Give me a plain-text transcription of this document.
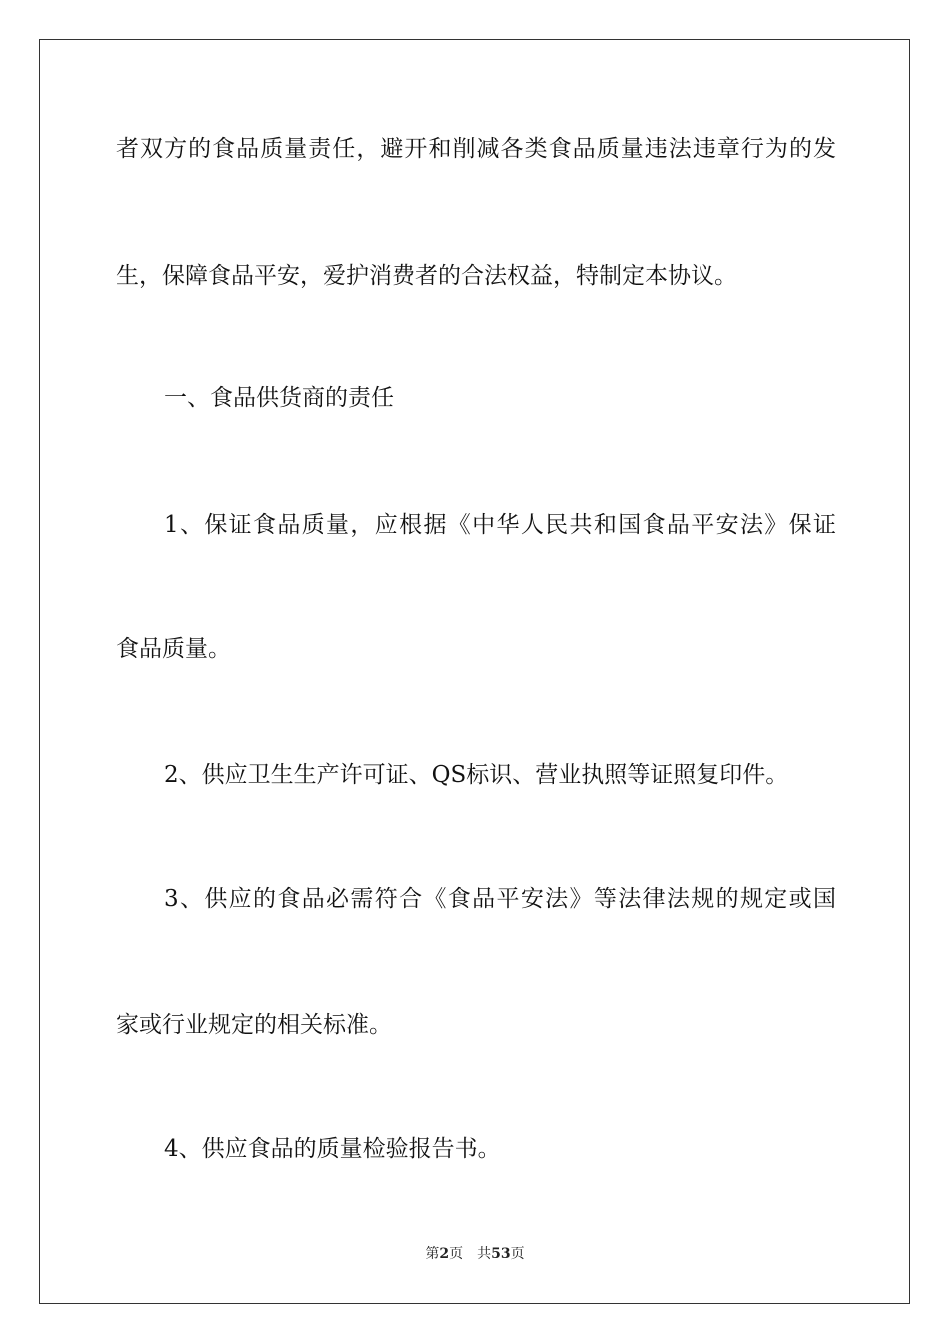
者双方的食品质量责任，避开和削减各类食品质量违法违章行为的发
生，保障食品平安，爱护消费者的合法权益，特制定本协议。
一、食品供货商的责任
1、保证食品质量，应根据《中华人民共和国食品平安法》保证
食品质量。
2、供应卫生生产许可证、QS标识、营业执照等证照复印件。
3、供应的食品必需符合《食品平安法》等法律法规的规定或国
家或行业规定的相关标准。
4、供应食品的质量检验报告书。
第2页 共53页
